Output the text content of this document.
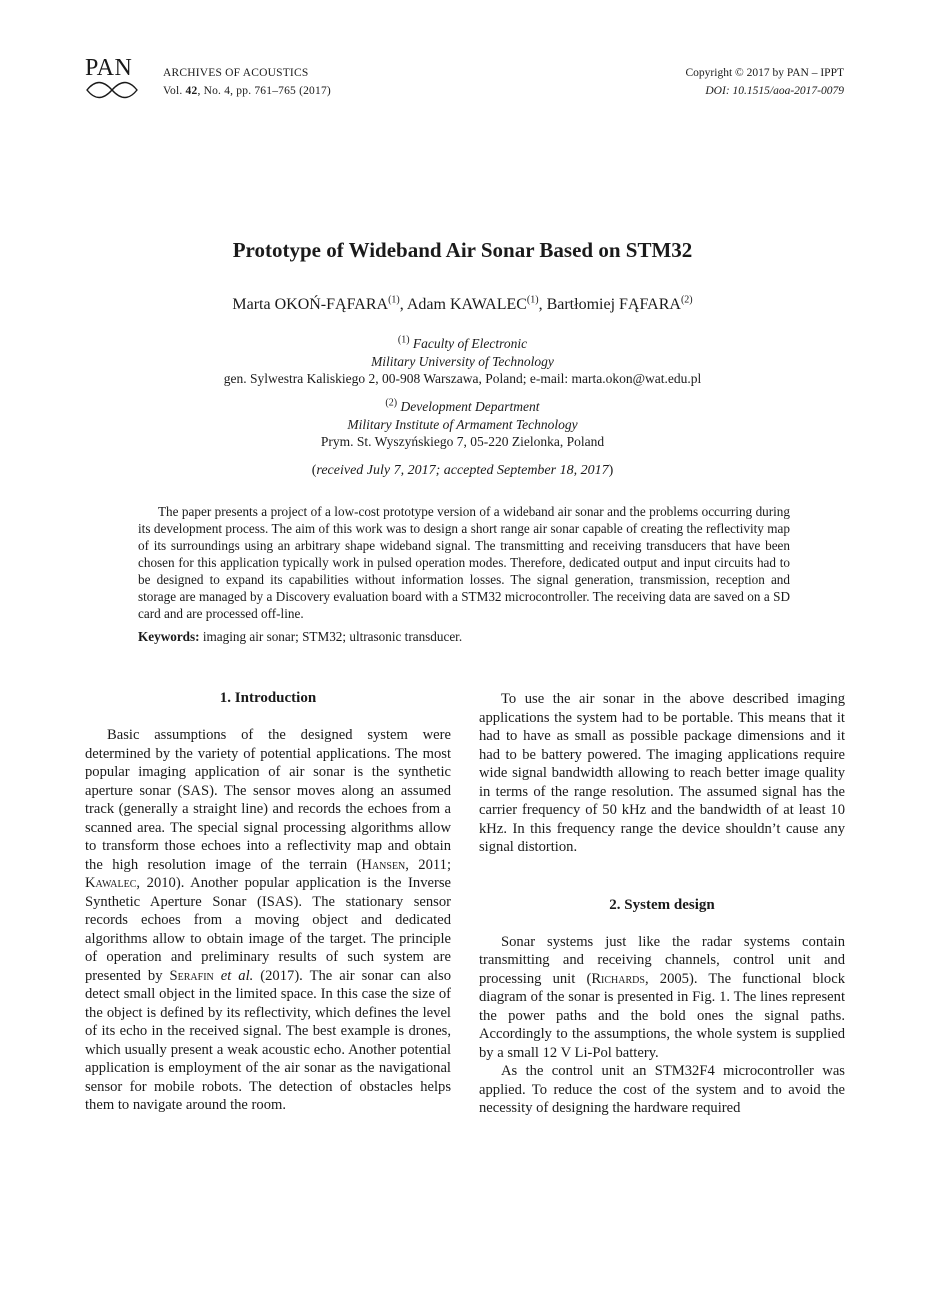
PAN	ARCHIVES OF ACOUSTICS
Vol. 42, No. 4, pp. 761–765 (2017)
Copyright © 2017 by PAN – IPPT
DOI: 10.1515/aoa-2017-0079
Prototype of Wideband Air Sonar Based on STM32
Marta OKOŃ-FĄFARA$^{(1)}$, Adam KAWALEC$^{(1)}$, Bartłomiej FĄFARA$^{(2)}$
$^{(1)}$ Faculty of Electronic
Military University of Technology
gen. Sylwestra Kaliskiego 2, 00-908 Warszawa, Poland; e-mail: marta.okon@wat.edu.pl
$^{(2)}$ Development Department
Military Institute of Armament Technology
Prym. St. Wyszyńskiego 7, 05-220 Zielonka, Poland
(received July 7, 2017; accepted September 18, 2017)

The paper presents a project of a low-cost prototype version of a wideband air sonar and the problems occurring during its development process. The aim of this work was to design a short range air sonar capable of creating the reflectivity map of its surroundings using an arbitrary shape wideband signal. The transmitting and receiving transducers that have been chosen for this application typically work in pulsed operation modes. Therefore, dedicated output and input circuits had to be designed to expand its capabilities without information losses. The signal generation, transmission, reception and storage are managed by a Discovery evaluation board with a STM32 microcontroller. The receiving data are saved on a SD card and are processed off-line.

Keywords: imaging air sonar; STM32; ultrasonic transducer.
1. Introduction

Basic assumptions of the designed system were determined by the variety of potential applications. The most popular imaging application of air sonar is the synthetic aperture sonar (SAS). The sensor moves along an assumed track (generally a straight line) and records the echoes from a scanned area. The special signal processing algorithms allow to transform those echoes into a reflectivity map and obtain the high resolution image of the terrain (Hansen, 2011; Kawalec, 2010). Another popular application is the Inverse Synthetic Aperture Sonar (ISAS). The stationary sensor records echoes from a moving object and dedicated algorithms allow to obtain image of the target. The principle of operation and preliminary results of such system are presented by Serafin et al. (2017). The air sonar can also detect small object in the limited space. In this case the size of the object is defined by its reflectivity, which defines the level of its echo in the received signal. The best example is drones, which usually present a weak acoustic echo. Another potential application is employment of the air sonar as the navigational sensor for mobile robots. The detection of obstacles helps them to navigate around the room.

To use the air sonar in the above described imaging applications the system had to be portable. This means that it had to have as small as possible package dimensions and it had to be battery powered. The imaging applications require wide signal bandwidth allowing to reach better image quality in terms of the range resolution. The assumed signal has the carrier frequency of 50 kHz and the bandwidth of at least 10 kHz. In this frequency range the device shouldn’t cause any signal distortion.

2. System design

Sonar systems just like the radar systems contain transmitting and receiving channels, control unit and processing unit (Richards, 2005). The functional block diagram of the sonar is presented in Fig. 1. The lines represent the power paths and the bold ones the signal paths. Accordingly to the assumptions, the whole system is supplied by a small 12 V Li-Pol battery.

As the control unit an STM32F4 microcontroller was applied. To reduce the cost of the system and to avoid the necessity of designing the hardware required
